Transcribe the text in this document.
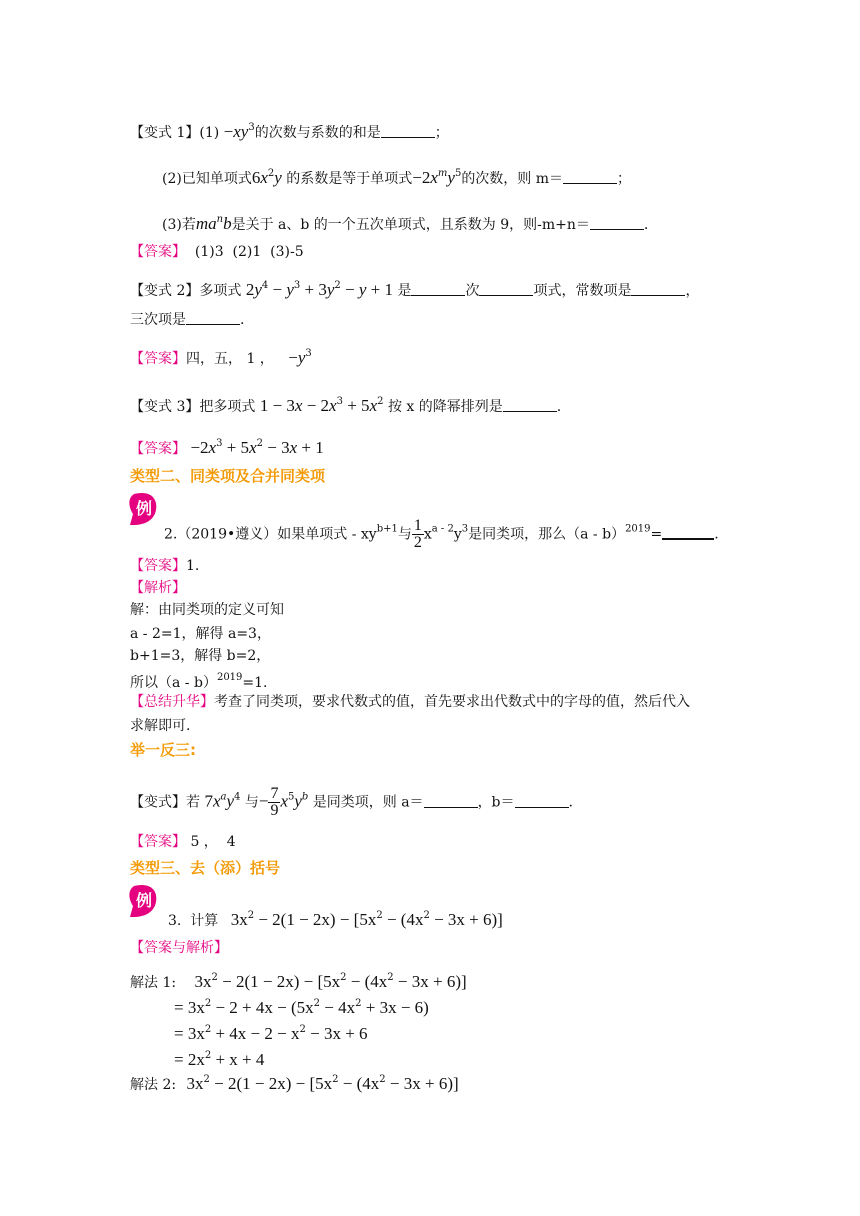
【变式 1】$(1) -xy^3$的次数与系数的和是	；
(2)已知单项式$6x^2y$ 的系数是等于单项式$-2x^my^5$的次数，则 m＝	；
(3)若$ma^nb$是关于 a、b 的一个五次单项式，且系数为 9，则-m+n＝	.
【答案】  (1)3  (2)1  (3)-5
【变式 2】多项式 $2y^4 - y^3 + 3y^2 - y + 1$ 是	次	项式，常数项是	，
三次项是	.
【答案】四，五， 1 ， $-y^3$
【变式 3】把多项式 $1 - 3x - 2x^3 + 5x^2$ 按 x 的降幂排列是	.
【答案】 $-2x^3 + 5x^2 - 3x + 1$
类型二、同类项及合并同类项
例
2.（2019•遵义）如果单项式 - $xy^{b+1}$与 $\frac{1}{2} x^{a - 2}y^3$是同类项，那么（a - b）$^{2019}$=	.
【答案】1.
【解析】
解：由同类项的定义可知
a - 2=1，解得 a=3，
b+1=3，解得 b=2，
所以（a - b）$^{2019}$=1.
【总结升华】考查了同类项，要求代数式的值，首先要求出代数式中的字母的值，然后代入
求解即可.
举一反三:
【变式】若 $7x^ay^4$ 与− $\frac{7}{9} x^5y^b$ 是同类项，则 a＝	，b＝	.
【答案】 5 ，  4
类型三、去（添）括号
例
3.  计算 $3x^2 - 2(1 - 2x) - [5x^2 - (4x^2 - 3x + 6)]$
【答案与解析】
解法 1: $3x^2 - 2(1 - 2x) - [5x^2 - (4x^2 - 3x + 6)]$
= $3x^2 - 2 + 4x - (5x^2 - 4x^2 + 3x - 6)$
= $3x^2 + 4x - 2 - x^2 - 3x + 6$
= $2x^2 + x + 4$
解法 2: $3x^2 - 2(1 - 2x) - [5x^2 - (4x^2 - 3x + 6)]$
